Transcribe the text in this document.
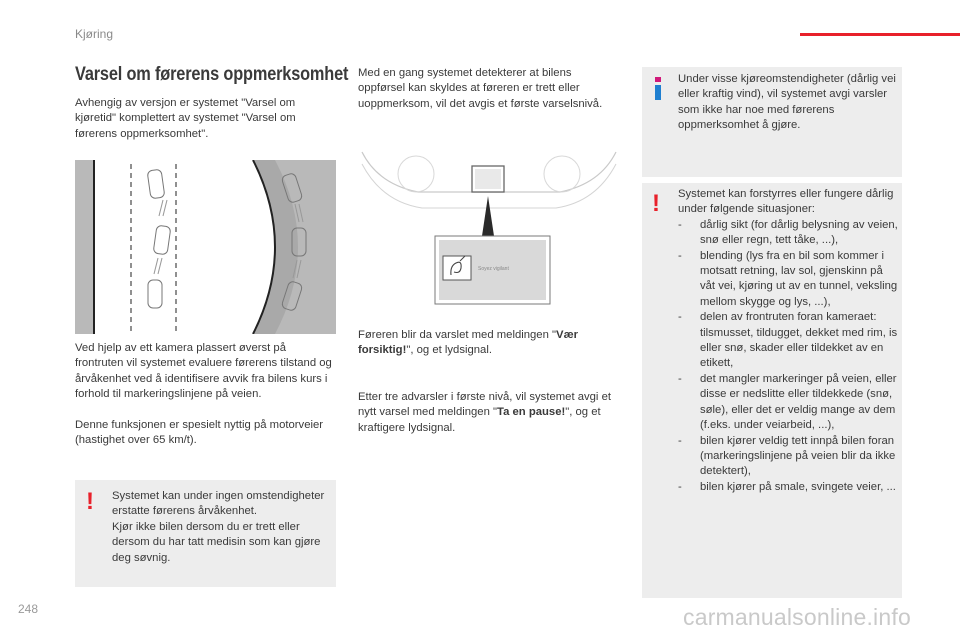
Kjøring
Varsel om førerens oppmerksomhet
Avhengig av versjon er systemet "Varsel om kjøretid" komplettert av systemet "Varsel om førerens oppmerksomhet".
Ved hjelp av ett kamera plassert øverst på frontruten vil systemet evaluere førerens tilstand og årvåkenhet ved å identifisere avvik fra bilens kurs i forhold til markeringslinjene på veien.
Denne funksjonen er spesielt nyttig på motorveier (hastighet over 65 km/t).
! Systemet kan under ingen omstendigheter erstatte førerens årvåkenhet.
Kjør ikke bilen dersom du er trett eller dersom du har tatt medisin som kan gjøre deg søvnig.
Med en gang systemet detekterer at bilens oppførsel kan skyldes at føreren er trett eller uoppmerksom, vil det avgis et første varselsnivå.
Soyez vigilant
Føreren blir da varslet med meldingen "Vær forsiktig!", og et lydsignal.
Etter tre advarsler i første nivå, vil systemet avgi et nytt varsel med meldingen "Ta en pause!", og et kraftigere lydsignal.
Under visse kjøreomstendigheter (dårlig vei eller kraftig vind), vil systemet avgi varsler som ikke har noe med førerens oppmerksomhet å gjøre.
! Systemet kan forstyrres eller fungere dårlig under følgende situasjoner:
- dårlig sikt (for dårlig belysning av veien, snø eller regn, tett tåke, ...),
- blending (lys fra en bil som kommer i motsatt retning, lav sol, gjenskinn på våt vei, kjøring ut av en tunnel, veksling mellom skygge og lys, ...),
- delen av frontruten foran kameraet: tilsmusset, tildugget, dekket med rim, is eller snø, skader eller tildekket av en etikett,
- det mangler markeringer på veien, eller disse er nedslitte eller tildekkede (snø, søle), eller det er veldig mange av dem (f.eks. under veiarbeid, ...),
- bilen kjører veldig tett innpå bilen foran (markeringslinjene på veien blir da ikke detektert),
- bilen kjører på smale, svingete veier, ...
248	carmanualsonline.info
